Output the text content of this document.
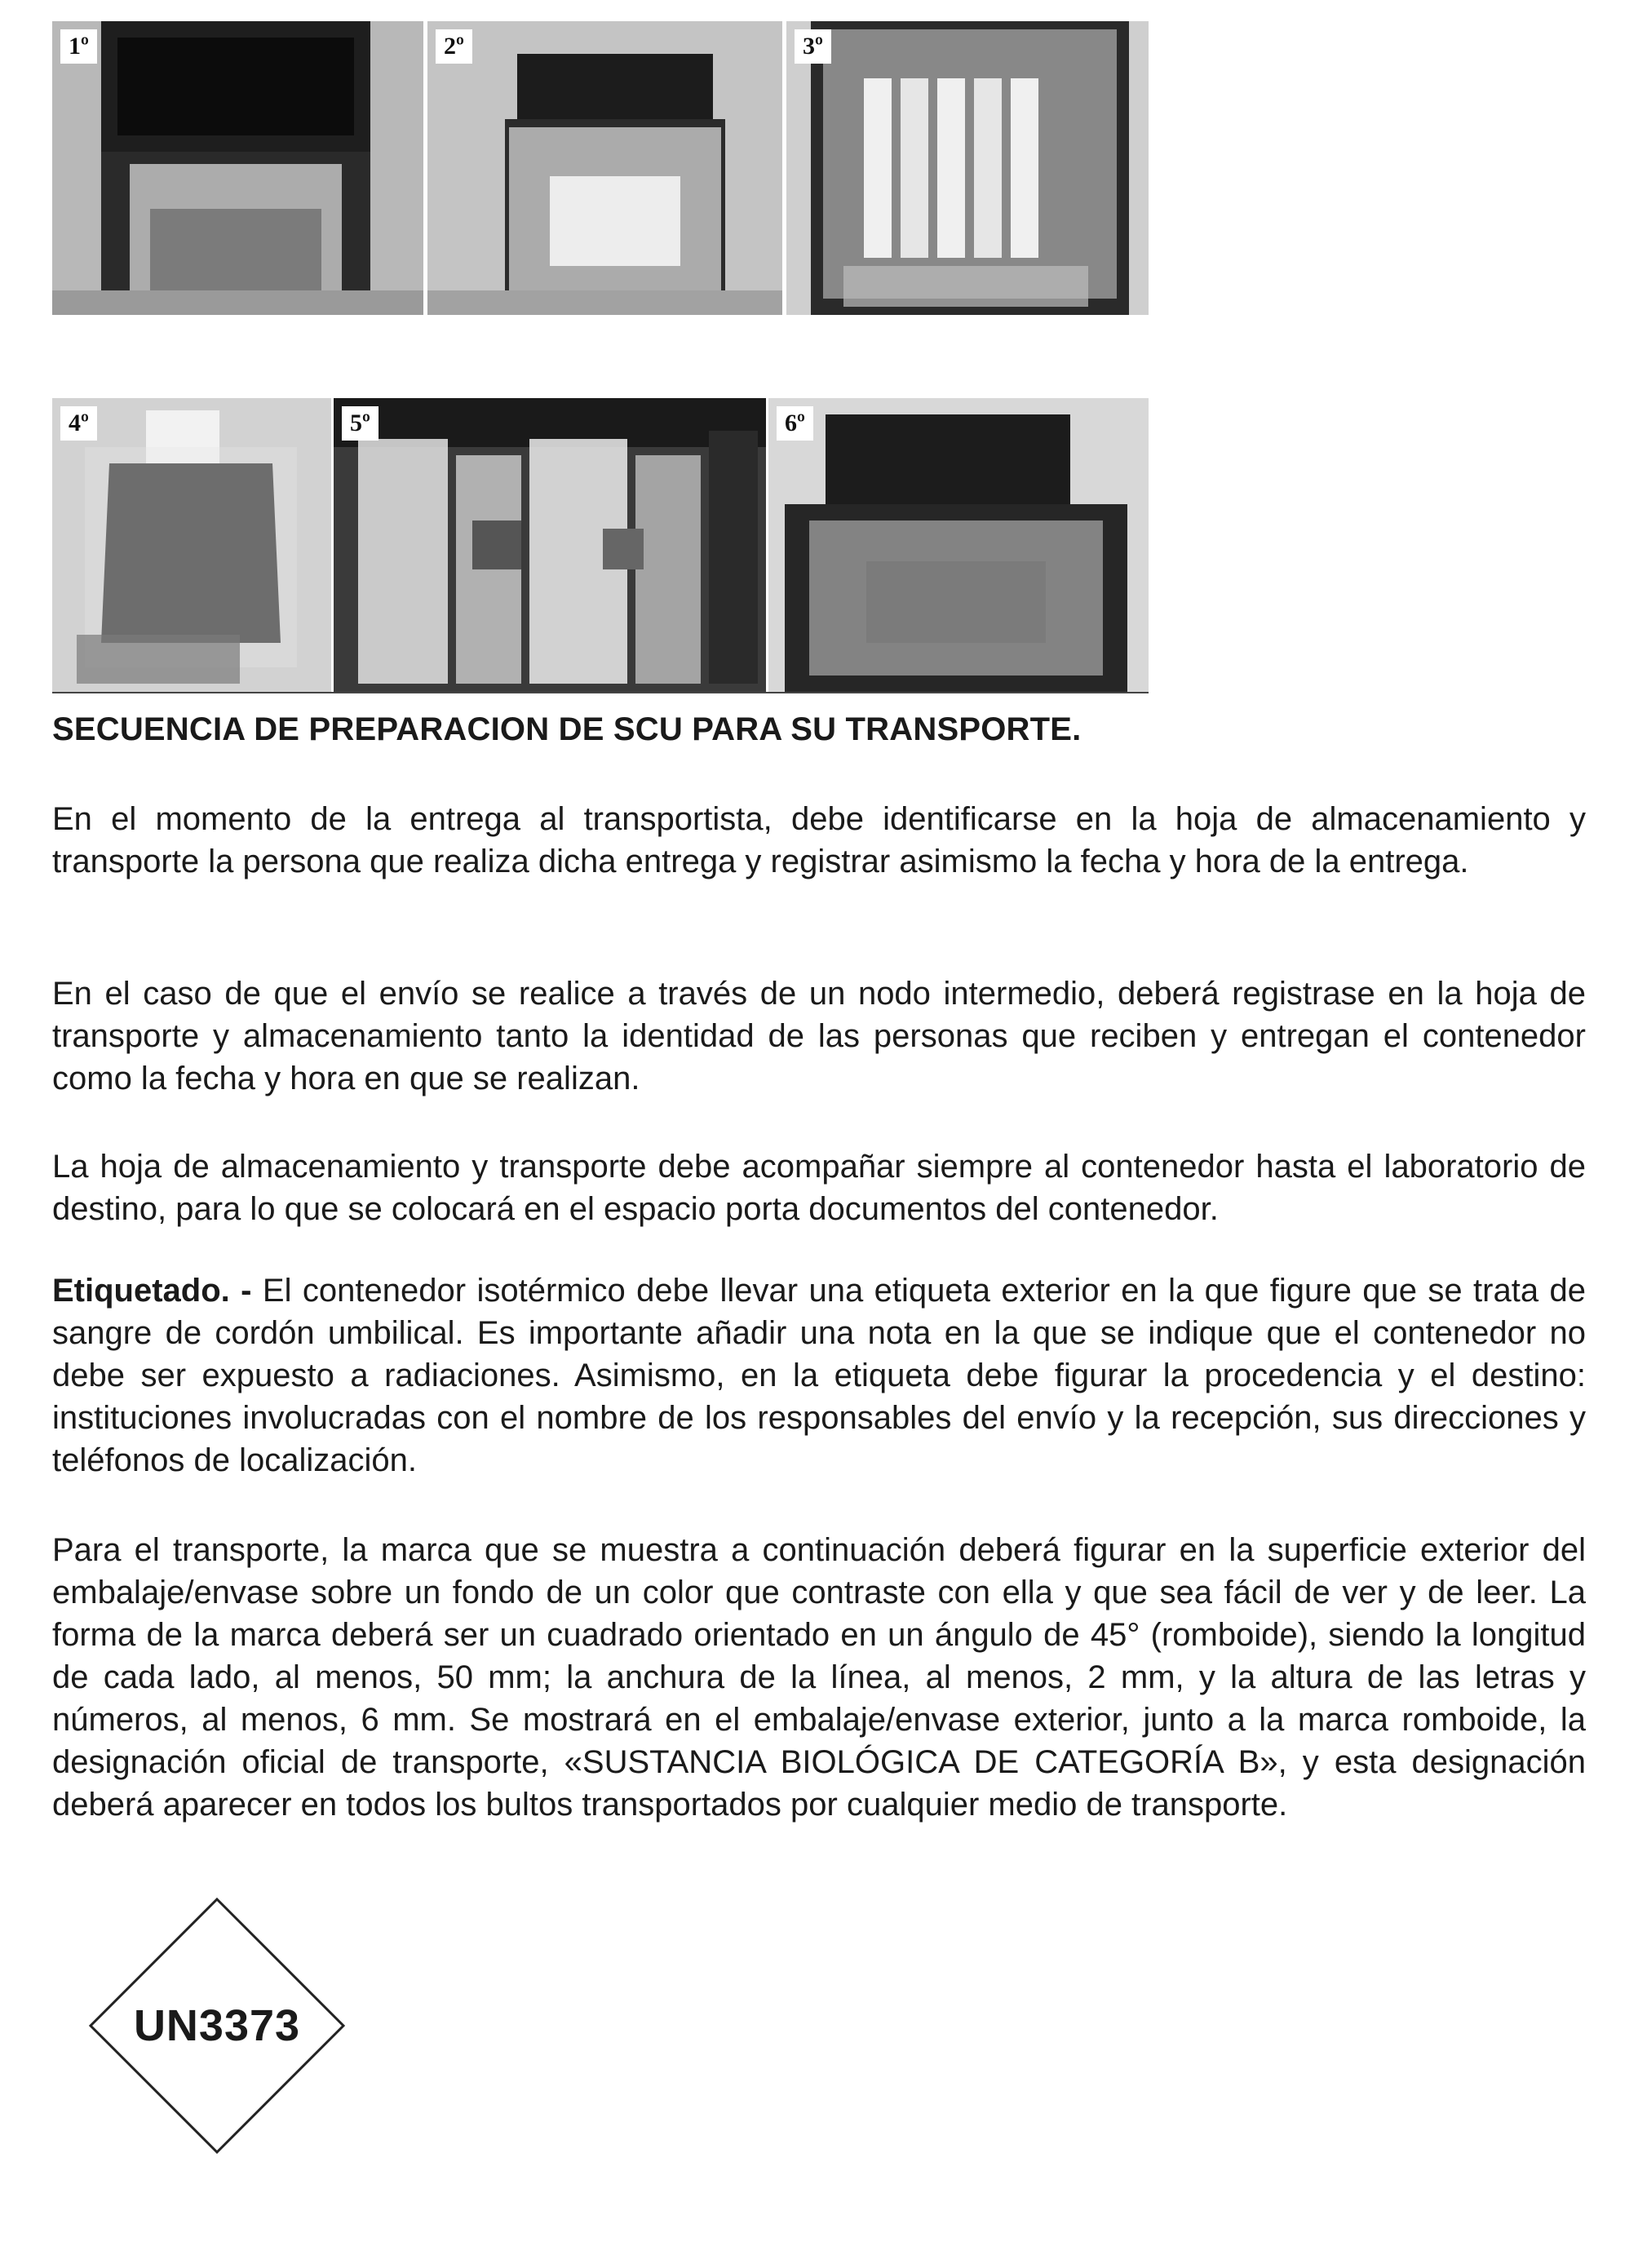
1º	2º	3º
4º	5º	6º
SECUENCIA DE PREPARACION DE SCU PARA SU TRANSPORTE.
En el momento de la entrega al transportista, debe identificarse en la hoja de almacenamiento y transporte la persona que realiza dicha entrega y registrar asimismo la fecha y hora de la entrega.
En el caso de que el envío se realice a través de un nodo intermedio, deberá registrase en la hoja de transporte y almacenamiento tanto la identidad de las personas que reciben y entregan el contenedor como la fecha y hora en que se realizan.
La hoja de almacenamiento y transporte debe acompañar siempre al contenedor hasta el laboratorio de destino, para lo que se colocará en el espacio porta documentos del contenedor.
Etiquetado. - El contenedor isotérmico debe llevar una etiqueta exterior en la que figure que se trata de sangre de cordón umbilical. Es importante añadir una nota en la que se indique que el contenedor no debe ser expuesto a radiaciones. Asimismo, en la etiqueta debe figurar la procedencia y el destino: instituciones involucradas con el nombre de los responsables del envío y la recepción, sus direcciones y teléfonos de localización.
Para el transporte, la marca que se muestra a continuación deberá figurar en la superficie exterior del embalaje/envase sobre un fondo de un color que contraste con ella y que sea fácil de ver y de leer. La forma de la marca deberá ser un cuadrado orientado en un ángulo de 45° (romboide), siendo la longitud de cada lado, al menos, 50 mm; la anchura de la línea, al menos, 2 mm, y la altura de las letras y números, al menos, 6 mm. Se mostrará en el embalaje/envase exterior, junto a la marca romboide, la designación oficial de transporte, «SUSTANCIA BIOLÓGICA DE CATEGORÍA B», y esta designación deberá aparecer en todos los bultos transportados por cualquier medio de transporte.
UN3373
